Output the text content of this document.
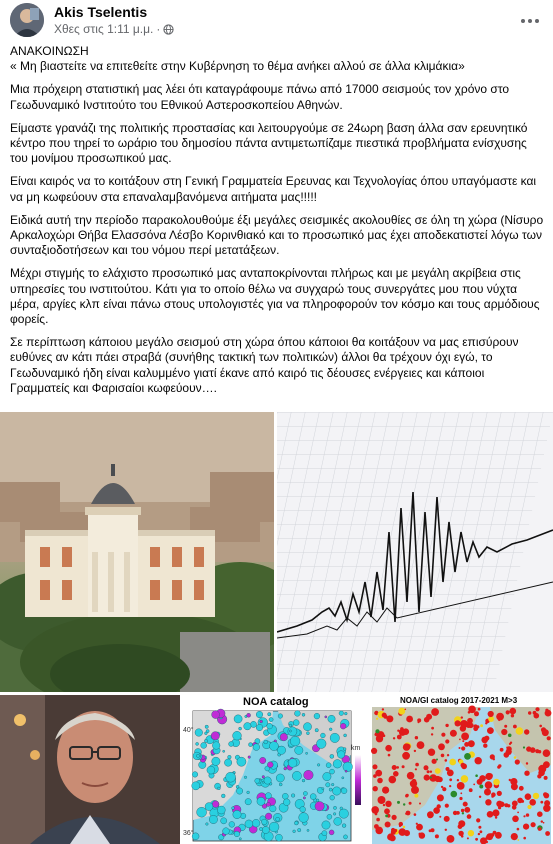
Akis Tselentis
Χθες στις 1:11 μ.μ. ·

ΑΝΑΚΟΙΝΩΣΗ

« Μη βιαστείτε να επιτεθείτε στην Κυβέρνηση το θέμα ανήκει αλλού σε άλλα κλιμάκια»

Μια πρόχειρη στατιστική μας λέει ότι καταγράφουμε πάνω από 17000 σεισμούς τον χρόνο στο Γεωδυναμικό Ινστιτούτο του Εθνικού Αστεροσκοπείου Αθηνών.

Είμαστε γρανάζι της πολιτικής προστασίας και λειτουργούμε σε 24ωρη βαση άλλα σαν ερευνητικό κέντρο που τηρεί το ωράριο του δημοσίου πάντα αντιμετωπίζαμε πιεστικά προβλήματα ενίσχυσης του μονίμου προσωπικού μας.

Είναι καιρός να το κοιτάξουν στη Γενική Γραμματεία Ερευνας και Τεχνολογίας όπου υπαγόμαστε και να μη κωφεύουν στα επαναλαμβανόμενα αιτήματα μας!!!!!

Ειδικά αυτή την περίοδο παρακολουθούμε έξι μεγάλες σεισμικές ακολουθίες σε όλη τη χώρα (Νίσυρο Αρκαλοχώρι Θήβα Ελασσόνα Λέσβο Κορινθιακό και το προσωπικό μας έχει αποδεκατιστεί λόγω των συνταξιοδοτήσεων και του νόμου περί μετατάξεων.

Μέχρι στιγμής το ελάχιστο προσωπικό μας ανταποκρίνονται πλήρως και με μεγάλη ακρίβεια στις υπηρεσίες του ινστιτούτου. Κάτι για το οποίο θέλω να συγχαρώ τους συνεργάτες μου που νύχτα μέρα, αργίες κλπ είναι πάνω στους υπολογιστές για να πληροφορούν τον κόσμο και τους αρμόδιους φορείς.

Σε περίπτωση κάποιου μεγάλο σεισμού στη χώρα όπου κάποιοι θα κοιτάξουν να μας επισύρουν ευθύνες αν κάτι πάει στραβά (συνήθης τακτική των πολιτικών) άλλοι θα τρέχουν όχι εγώ, το Γεωδυναμικό ήδη είναι καλυμμένο γιατί έκανε από καιρό τις δέουσες ενέργειες και κάποιοι Γραμματείς και Φαρισαίοι κωφεύουν….

NOA catalog
40°
36°
km
NOA/GI catalog 2017-2021 M>3
